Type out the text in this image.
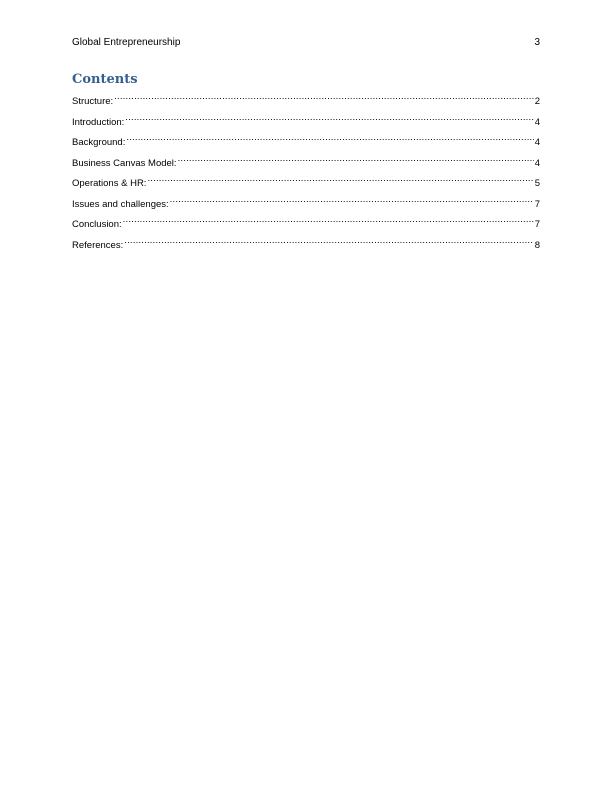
Global Entrepreneurship	3
Contents
Structure: .....	2
Introduction: .....	4
Background: .....	4
Business Canvas Model: .....	4
Operations & HR: .....	5
Issues and challenges: .....	7
Conclusion: .....	7
References: .....	8
